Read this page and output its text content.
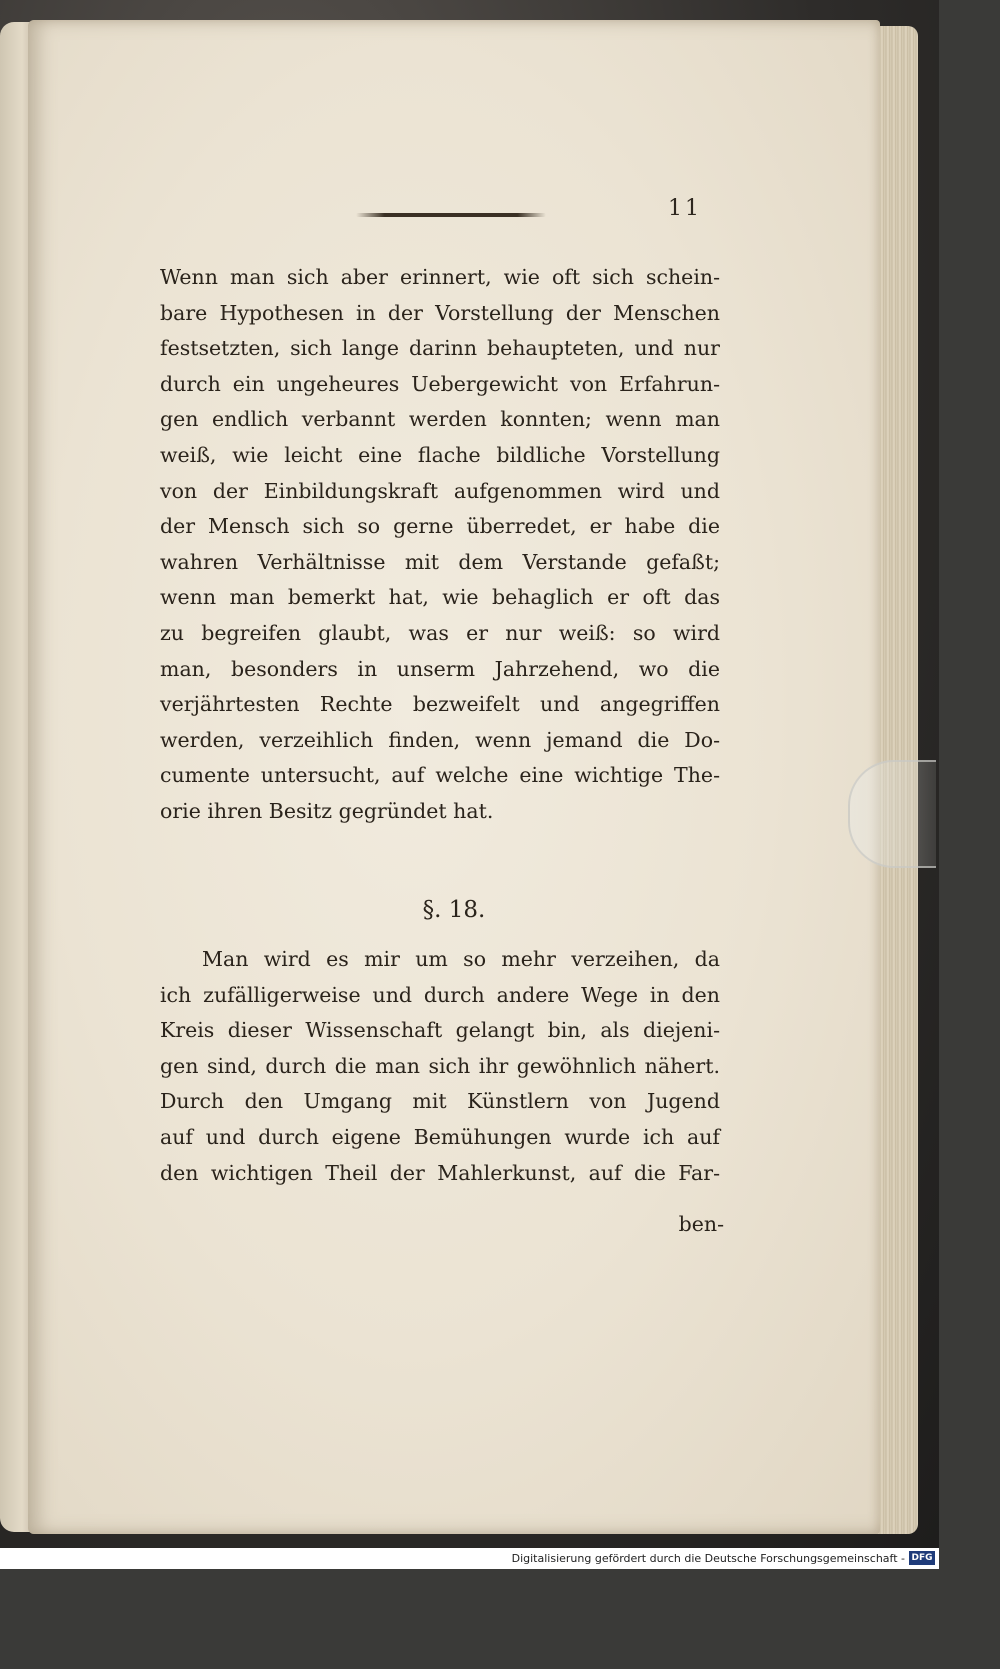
11
Wenn man sich aber erinnert, wie oft sich schein-
bare Hypothesen in der Vorstellung der Menschen
festsetzten, sich lange darinn behaupteten, und nur
durch ein ungeheures Uebergewicht von Erfahrun-
gen endlich verbannt werden konnten; wenn man
weiß, wie leicht eine flache bildliche Vorstellung
von der Einbildungskraft aufgenommen wird und
der Mensch sich so gerne überredet, er habe die
wahren Verhältnisse mit dem Verstande gefaßt;
wenn man bemerkt hat, wie behaglich er oft das
zu begreifen glaubt, was er nur weiß: so wird
man, besonders in unserm Jahrzehend, wo die
verjährtesten Rechte bezweifelt und angegriffen
werden, verzeihlich finden, wenn jemand die Do-
cumente untersucht, auf welche eine wichtige The-
orie ihren Besitz gegründet hat.
§. 18.
Man wird es mir um so mehr verzeihen, da
ich zufälligerweise und durch andere Wege in den
Kreis dieser Wissenschaft gelangt bin, als diejeni-
gen sind, durch die man sich ihr gewöhnlich nähert.
Durch den Umgang mit Künstlern von Jugend
auf und durch eigene Bemühungen wurde ich auf
den wichtigen Theil der Mahlerkunst, auf die Far-
ben-
Digitalisierung gefördert durch die Deutsche Forschungsgemeinschaft - DFG
